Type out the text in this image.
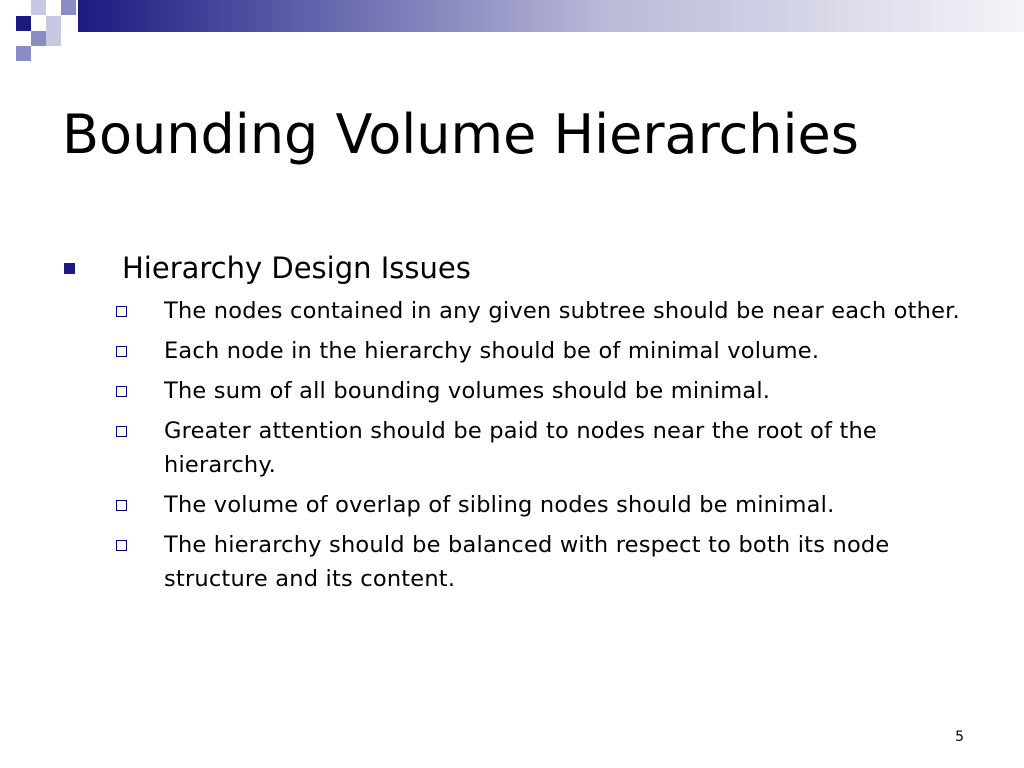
Bounding Volume Hierarchies
Hierarchy Design Issues
The nodes contained in any given subtree should be near each other.
Each node in the hierarchy should be of minimal volume.
The sum of all bounding volumes should be minimal.
Greater attention should be paid to nodes near the root of the hierarchy.
The volume of overlap of sibling nodes should be minimal.
The hierarchy should be balanced with respect to both its node structure and its content.
5
